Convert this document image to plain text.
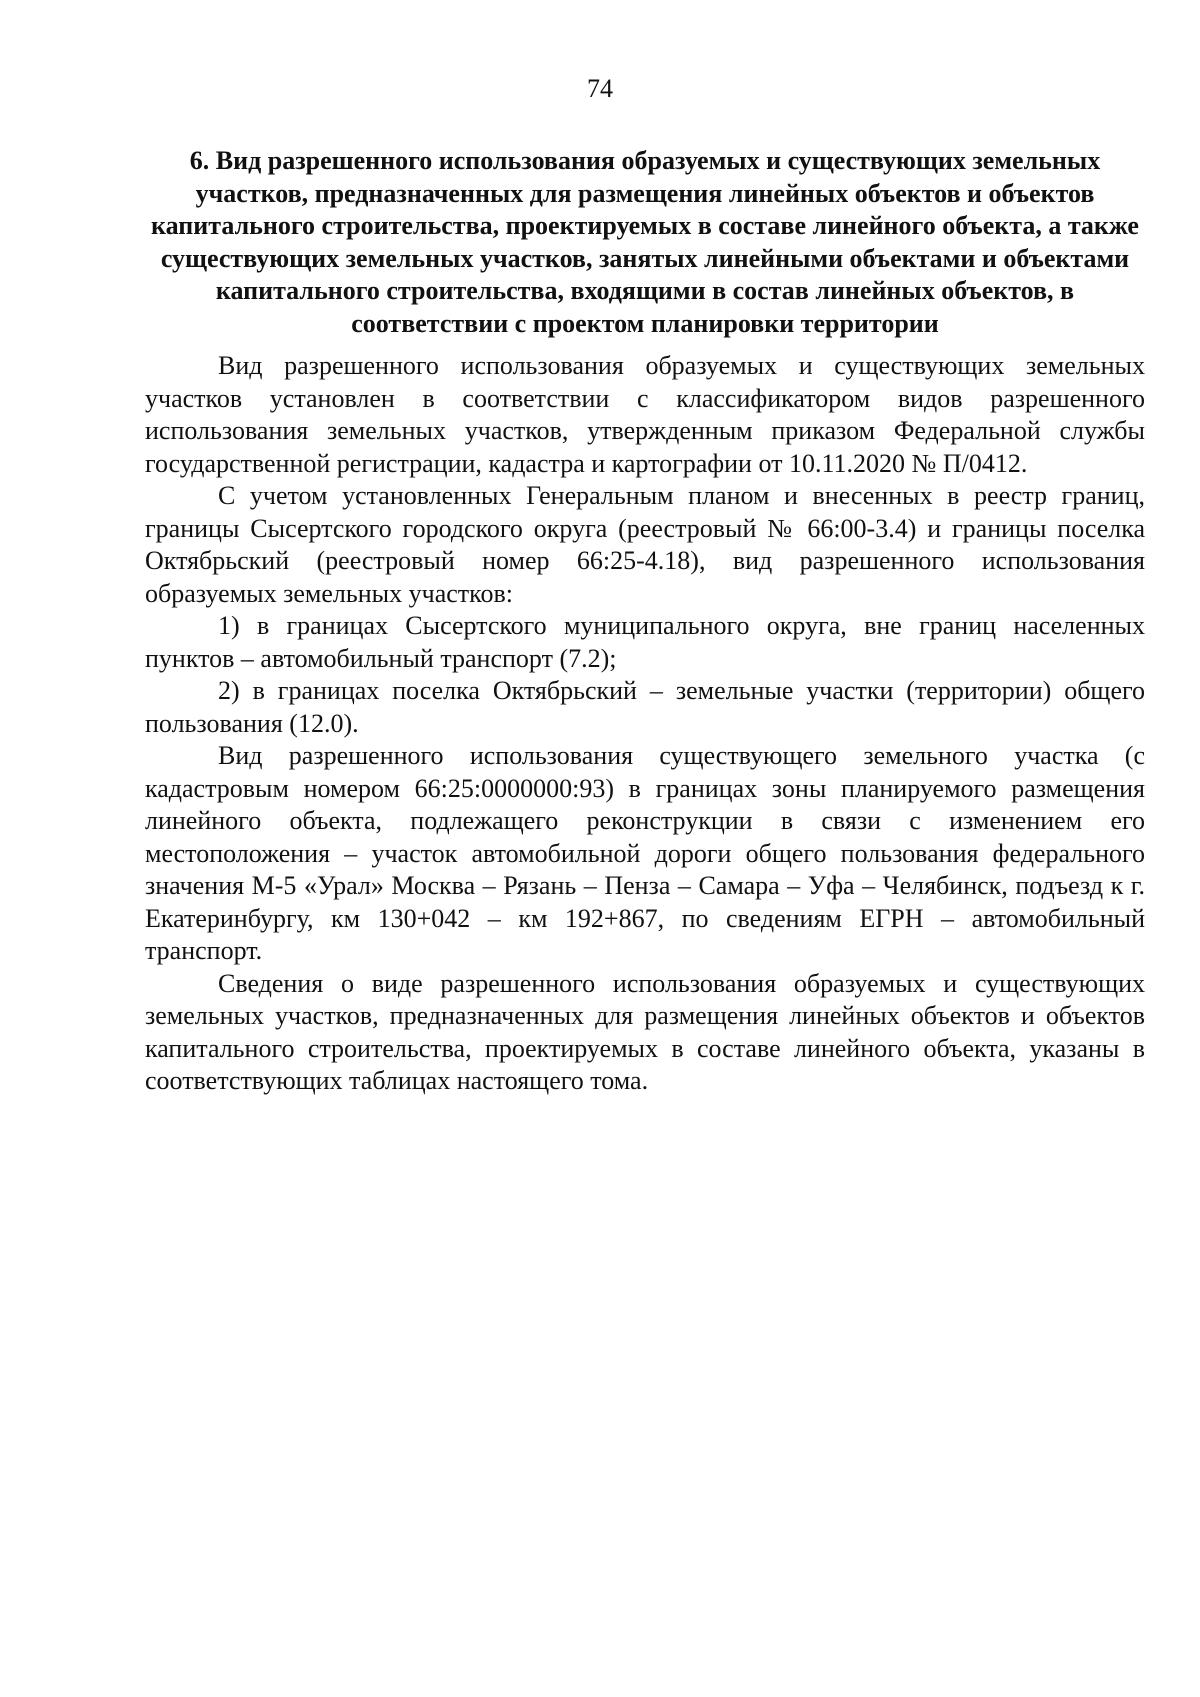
74
6. Вид разрешенного использования образуемых и существующих земельных участков, предназначенных для размещения линейных объектов и объектов капитального строительства, проектируемых в составе линейного объекта, а также существующих земельных участков, занятых линейными объектами и объектами капитального строительства, входящими в состав линейных объектов, в соответствии с проектом планировки территории

Вид разрешенного использования образуемых и существующих земельных участков установлен в соответствии с классификатором видов разрешенного использования земельных участков, утвержденным приказом Федеральной службы государственной регистрации, кадастра и картографии от 10.11.2020 № П/0412.

С учетом установленных Генеральным планом и внесенных в реестр границ, границы Сысертского городского округа (реестровый № 66:00-3.4) и границы поселка Октябрьский (реестровый номер 66:25-4.18), вид разрешенного использования образуемых земельных участков:

1) в границах Сысертского муниципального округа, вне границ населенных пунктов – автомобильный транспорт (7.2);

2) в границах поселка Октябрьский – земельные участки (территории) общего пользования (12.0).

Вид разрешенного использования существующего земельного участка (с кадастровым номером 66:25:0000000:93) в границах зоны планируемого размещения линейного объекта, подлежащего реконструкции в связи с изменением его местоположения – участок автомобильной дороги общего пользования федерального значения М-5 «Урал» Москва – Рязань – Пенза – Самара – Уфа – Челябинск, подъезд к г. Екатеринбургу, км 130+042 – км 192+867, по сведениям ЕГРН – автомобильный транспорт.

Сведения о виде разрешенного использования образуемых и существующих земельных участков, предназначенных для размещения линейных объектов и объектов капитального строительства, проектируемых в составе линейного объекта, указаны в соответствующих таблицах настоящего тома.
